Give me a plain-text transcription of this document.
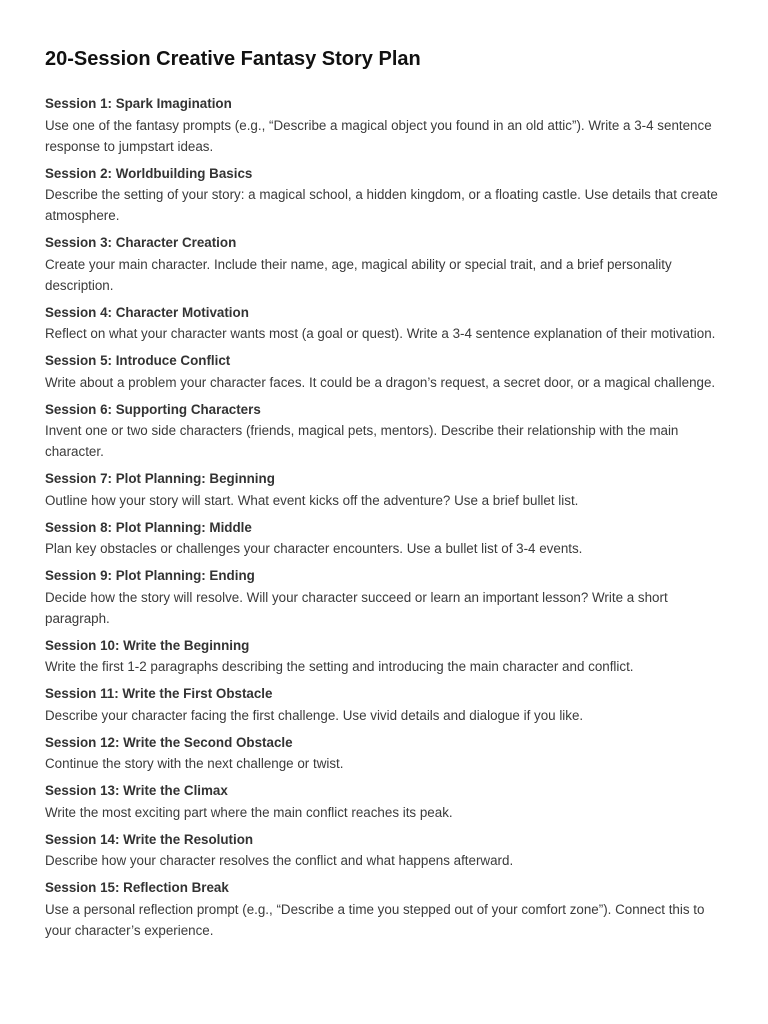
20-Session Creative Fantasy Story Plan
Session 1: Spark Imagination
Use one of the fantasy prompts (e.g., “Describe a magical object you found in an old attic”). Write a 3-4 sentence response to jumpstart ideas.
Session 2: Worldbuilding Basics
Describe the setting of your story: a magical school, a hidden kingdom, or a floating castle. Use details that create atmosphere.
Session 3: Character Creation
Create your main character. Include their name, age, magical ability or special trait, and a brief personality description.
Session 4: Character Motivation
Reflect on what your character wants most (a goal or quest). Write a 3-4 sentence explanation of their motivation.
Session 5: Introduce Conflict
Write about a problem your character faces. It could be a dragon’s request, a secret door, or a magical challenge.
Session 6: Supporting Characters
Invent one or two side characters (friends, magical pets, mentors). Describe their relationship with the main character.
Session 7: Plot Planning: Beginning
Outline how your story will start. What event kicks off the adventure? Use a brief bullet list.
Session 8: Plot Planning: Middle
Plan key obstacles or challenges your character encounters. Use a bullet list of 3-4 events.
Session 9: Plot Planning: Ending
Decide how the story will resolve. Will your character succeed or learn an important lesson? Write a short paragraph.
Session 10: Write the Beginning
Write the first 1-2 paragraphs describing the setting and introducing the main character and conflict.
Session 11: Write the First Obstacle
Describe your character facing the first challenge. Use vivid details and dialogue if you like.
Session 12: Write the Second Obstacle
Continue the story with the next challenge or twist.
Session 13: Write the Climax
Write the most exciting part where the main conflict reaches its peak.
Session 14: Write the Resolution
Describe how your character resolves the conflict and what happens afterward.
Session 15: Reflection Break
Use a personal reflection prompt (e.g., “Describe a time you stepped out of your comfort zone”). Connect this to your character’s experience.
